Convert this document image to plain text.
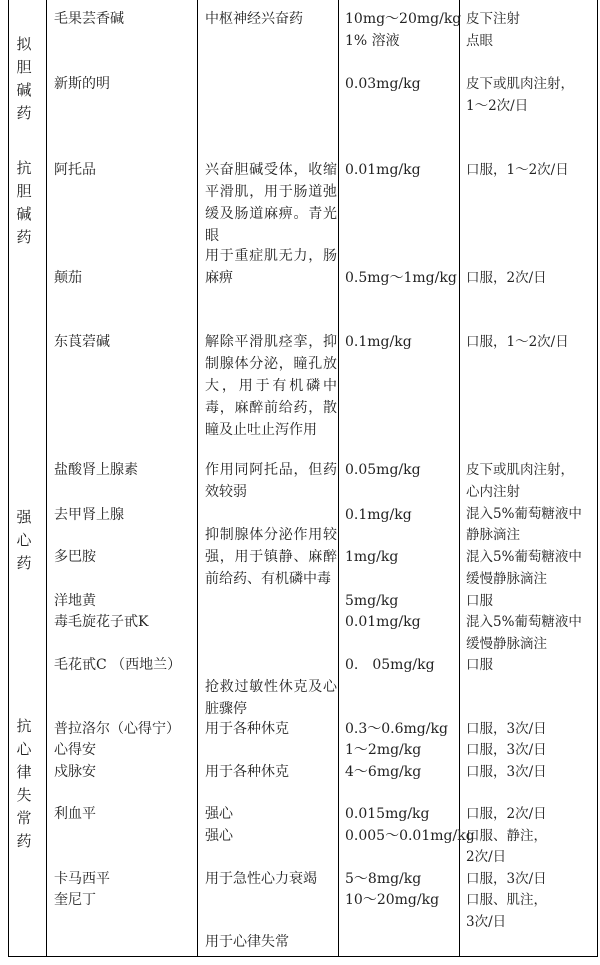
拟
胆
碱
药
抗
胆
碱
药
强
心
药
抗
心
律
失
常
药
毛果芸香碱
新斯的明
阿托品
颠茄
东莨菪碱
盐酸肾上腺素
去甲肾上腺
多巴胺
洋地黄
毒毛旋花子甙K
毛花甙C （西地兰）
普拉洛尔（心得宁）
心得安
戍脉安
利血平
卡马西平
奎尼丁
中枢神经兴奋药
兴奋胆碱受体，收缩平滑肌，用于肠道弛缓及肠道麻痹。青光眼
用于重症肌无力，肠麻痹
解除平滑肌痉挛，抑制腺体分泌，瞳孔放大，用于有机磷中毒，麻醉前给药，散瞳及止吐止泻作用
作用同阿托品，但药效较弱
抑制腺体分泌作用较强，用于镇静、麻醉前给药、有机磷中毒
抢救过敏性休克及心脏骤停
用于各种休克
用于各种休克
强心
强心
用于急性心力衰竭
用于心律失常
10mg～20mg/kg
1% 溶液
0.03mg/kg
0.01mg/kg
0.5mg～1mg/kg
0.1mg/kg
0.05mg/kg
0.1mg/kg
1mg/kg
5mg/kg
0.01mg/kg
0.　05mg/kg
0.3～0.6mg/kg
1～2mg/kg
4～6mg/kg
0.015mg/kg
0.005～0.01mg/kg
5～8mg/kg
10～20mg/kg
皮下注射
点眼
皮下或肌肉注射，
1～2次/日
口服，1～2次/日
口服，2次/日
口服，1～2次/日
皮下或肌肉注射，
心内注射
混入5%葡萄糖液中
静脉滴注
混入5%葡萄糖液中
缓慢静脉滴注
口服
混入5%葡萄糖液中
缓慢静脉滴注
口服
口服，3次/日
口服，3次/日
口服，3次/日
口服，2次/日
口服、静注，
2次/日
口服，3次/日
口服、肌注，
3次/日
